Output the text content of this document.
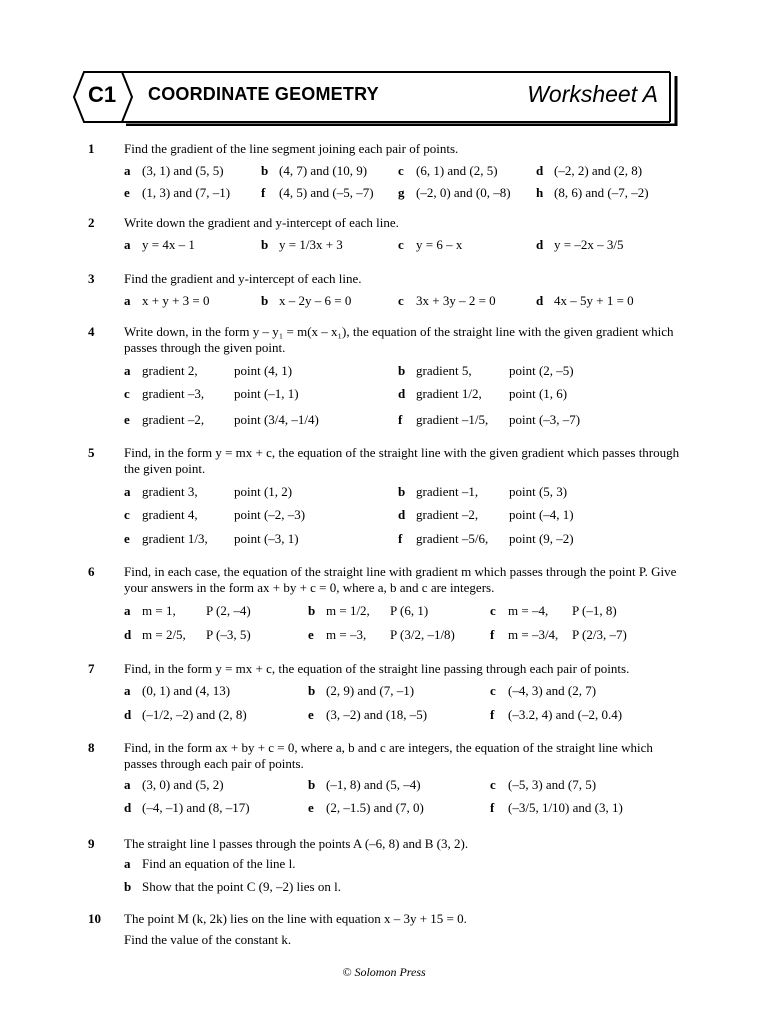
C1 COORDINATE GEOMETRY	Worksheet A
1 Find the gradient of the line segment joining each pair of points.
a (3, 1) and (5, 5)	b (4, 7) and (10, 9) c (6, 1) and (2, 5)	d (–2, 2) and (2, 8)
e (1, 3) and (7, –1) f (4, 5) and (–5, –7) g (–2, 0) and (0, –8) h (8, 6) and (–7, –2)
2 Write down the gradient and y-intercept of each line.
a y = 4x – 1	b y = 1/3x + 3	c y = 6 – x	d y = –2x – 3/5
3 Find the gradient and y-intercept of each line.
a x + y + 3 = 0	b x – 2y – 6 = 0	c 3x + 3y – 2 = 0	d 4x – 5y + 1 = 0
4 Write down, in the form y – y₁ = m(x – x₁), the equation of the straight line with the given gradient which passes through the given point.
a gradient 2,	point (4, 1)	b gradient 5,	point (2, –5)
c gradient –3, point (–1, 1)	d gradient 1/2, point (1, 6)
e gradient –2, point (3/4, –1/4)	f gradient –1/5, point (–3, –7)
5 Find, in the form y = mx + c, the equation of the straight line with the given gradient which passes through the given point.
a gradient 3,	point (1, 2)	b gradient –1, point (5, 3)
c gradient 4,	point (–2, –3)	d gradient –2, point (–4, 1)
e gradient 1/3, point (–3, 1)	f gradient –5/6, point (9, –2)
6 Find, in each case, the equation of the straight line with gradient m which passes through the point P. Give your answers in the form ax + by + c = 0, where a, b and c are integers.
a m = 1, P (2, –4)	b m = 1/2, P (6, 1)	c m = –4, P (–1, 8)
d m = 2/5, P (–3, 5)	e m = –3, P (3/2, –1/8)	f m = –3/4, P (2/3, –7)
7 Find, in the form y = mx + c, the equation of the straight line passing through each pair of points.
a (0, 1) and (4, 13)	b (2, 9) and (7, –1)	c (–4, 3) and (2, 7)
d (–1/2, –2) and (2, 8)	e (3, –2) and (18, –5)	f (–3.2, 4) and (–2, 0.4)
8 Find, in the form ax + by + c = 0, where a, b and c are integers, the equation of the straight line which passes through each pair of points.
a (3, 0) and (5, 2)	b (–1, 8) and (5, –4)	c (–5, 3) and (7, 5)
d (–4, –1) and (8, –17)	e (2, –1.5) and (7, 0)	f (–3/5, 1/10) and (3, 1)
9 The straight line l passes through the points A (–6, 8) and B (3, 2).
a Find an equation of the line l.
b Show that the point C (9, –2) lies on l.
10 The point M (k, 2k) lies on the line with equation x – 3y + 15 = 0.
Find the value of the constant k.
© Solomon Press
